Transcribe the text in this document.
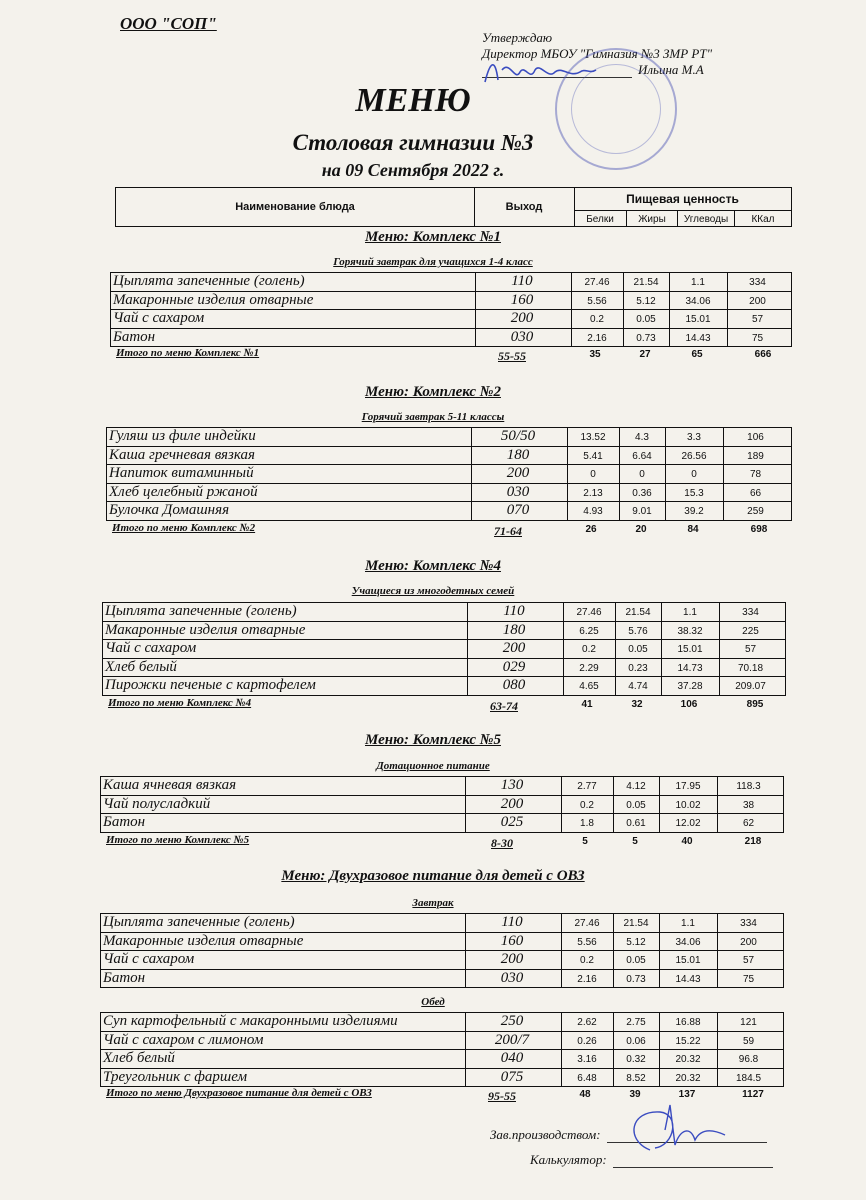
ООО "СОП"
Утверждаю
Директор МБОУ "Гимназия №3 ЗМР РТ"
Ильина М.А
МЕНЮ
Столовая гимназии №3
на 09 Сентября 2022 г.
Наименование блюда	Выход
Пищевая ценность
Белки	Жиры	Углеводы	ККал
Меню: Комплекс №1
Горячий завтрак для учащихся 1-4 класс
Цыплята запеченные (голень)	110	27.46	21.54	1.1	334
Макаронные изделия отварные	160	5.56	5.12	34.06	200
Чай с сахаром	200	0.2	0.05	15.01	57
Батон	030	2.16	0.73	14.43	75
Итого по меню Комплекс №1	55-55	35	27	65	666
Меню: Комплекс №2
Горячий завтрак 5-11 классы
Гуляш из филе индейки	50/50	13.52	4.3	3.3	106
Каша гречневая вязкая	180	5.41	6.64	26.56	189
Напиток витаминный	200	0	0	0	78
Хлеб целебный ржаной	030	2.13	0.36	15.3	66
Булочка Домашняя	070	4.93	9.01	39.2	259
Итого по меню Комплекс №2	71-64	26	20	84	698
Меню: Комплекс №4
Учащиеся из многодетных семей
Цыплята запеченные (голень)	110	27.46	21.54	1.1	334
Макаронные изделия отварные	180	6.25	5.76	38.32	225
Чай с сахаром	200	0.2	0.05	15.01	57
Хлеб белый	029	2.29	0.23	14.73	70.18
Пирожки печеные с картофелем	080	4.65	4.74	37.28	209.07
Итого по меню Комплекс №4	63-74	41	32	106	895
Меню: Комплекс №5
Дотационное питание
Каша ячневая вязкая	130	2.77	4.12	17.95	118.3
Чай полусладкий	200	0.2	0.05	10.02	38
Батон	025	1.8	0.61	12.02	62
Итого по меню Комплекс №5	8-30	5	5	40	218
Меню: Двухразовое питание для детей с ОВЗ
Завтрак
Цыплята запеченные (голень)	110	27.46	21.54	1.1	334
Макаронные изделия отварные	160	5.56	5.12	34.06	200
Чай с сахаром	200	0.2	0.05	15.01	57
Батон	030	2.16	0.73	14.43	75
Обед
Суп картофельный с макаронными изделиями	250	2.62	2.75	16.88	121
Чай с сахаром с лимоном	200/7	0.26	0.06	15.22	59
Хлеб белый	040	3.16	0.32	20.32	96.8
Треугольник с фаршем	075	6.48	8.52	20.32	184.5
Итого по меню Двухразовое питание для детей с ОВЗ	95-55	48	39	137	1127
Зав.производством:
Калькулятор:
